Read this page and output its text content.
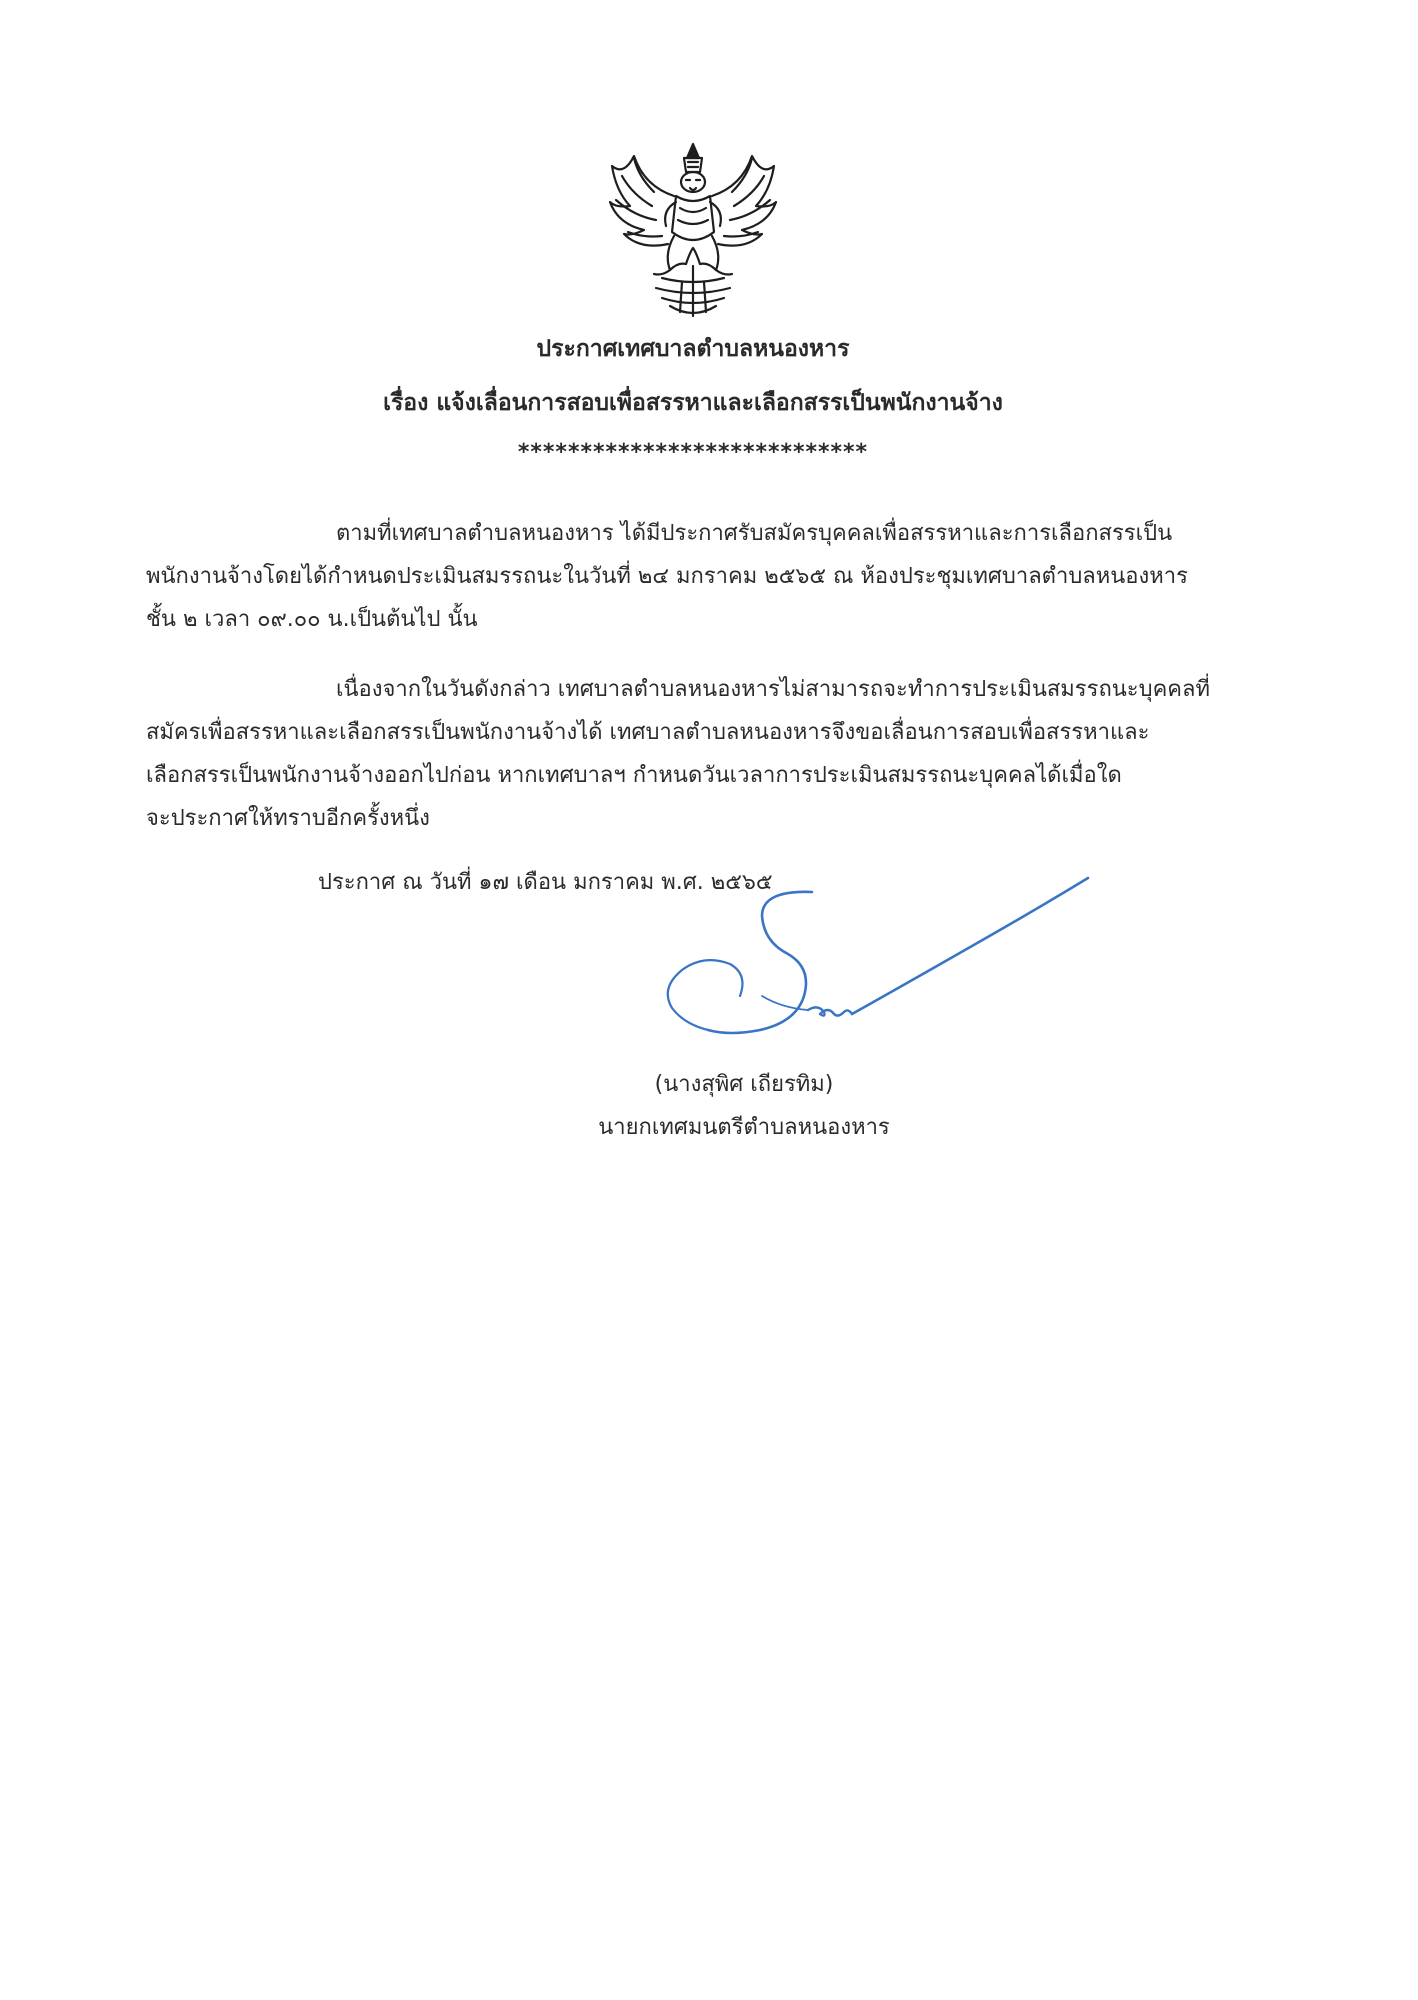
ประกาศเทศบาลตำบลหนองหาร
เรื่อง แจ้งเลื่อนการสอบเพื่อสรรหาและเลือกสรรเป็นพนักงานจ้าง
****************************
ตามที่เทศบาลตำบลหนองหาร ได้มีประกาศรับสมัครบุคคลเพื่อสรรหาและการเลือกสรรเป็น
พนักงานจ้างโดยได้กำหนดประเมินสมรรถนะในวันที่ ๒๔ มกราคม ๒๕๖๕ ณ ห้องประชุมเทศบาลตำบลหนองหาร
ชั้น ๒ เวลา ๐๙.๐๐ น.เป็นต้นไป นั้น
เนื่องจากในวันดังกล่าว เทศบาลตำบลหนองหารไม่สามารถจะทำการประเมินสมรรถนะบุคคลที่
สมัครเพื่อสรรหาและเลือกสรรเป็นพนักงานจ้างได้ เทศบาลตำบลหนองหารจึงขอเลื่อนการสอบเพื่อสรรหาและ
เลือกสรรเป็นพนักงานจ้างออกไปก่อน หากเทศบาลฯ กำหนดวันเวลาการประเมินสมรรถนะบุคคลได้เมื่อใด
จะประกาศให้ทราบอีกครั้งหนึ่ง
ประกาศ ณ วันที่ ๑๗ เดือน มกราคม พ.ศ. ๒๕๖๕
(นางสุพิศ เถียรทิม)
นายกเทศมนตรีตำบลหนองหาร
